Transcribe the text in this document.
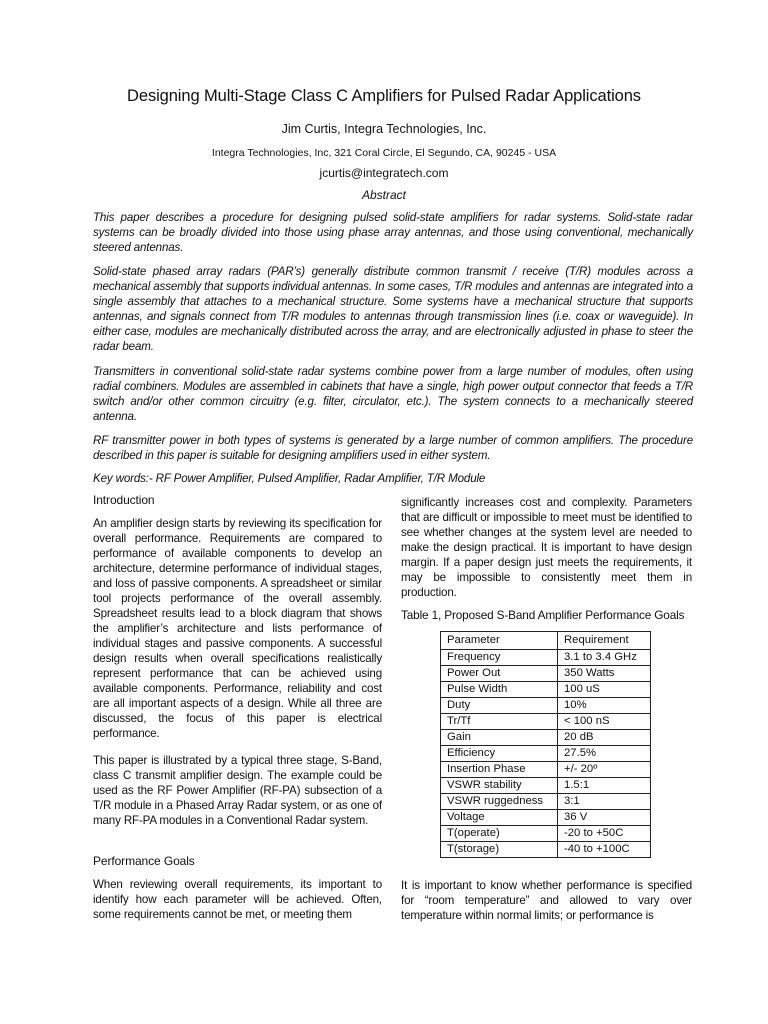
Designing Multi-Stage Class C Amplifiers for Pulsed Radar Applications
Jim Curtis, Integra Technologies, Inc.
Integra Technologies, Inc, 321 Coral Circle, El Segundo, CA, 90245 - USA
jcurtis@integratech.com
Abstract

This paper describes a procedure for designing pulsed solid-state amplifiers for radar systems. Solid-state radar systems can be broadly divided into those using phase array antennas, and those using conventional, mechanically steered antennas.

Solid-state phased array radars (PAR’s) generally distribute common transmit / receive (T/R) modules across a mechanical assembly that supports individual antennas. In some cases, T/R modules and antennas are integrated into a single assembly that attaches to a mechanical structure. Some systems have a mechanical structure that supports antennas, and signals connect from T/R modules to antennas through transmission lines (i.e. coax or waveguide). In either case, modules are mechanically distributed across the array, and are electronically adjusted in phase to steer the radar beam.

Transmitters in conventional solid-state radar systems combine power from a large number of modules, often using radial combiners. Modules are assembled in cabinets that have a single, high power output connector that feeds a T/R switch and/or other common circuitry (e.g. filter, circulator, etc.). The system connects to a mechanically steered antenna.

RF transmitter power in both types of systems is generated by a large number of common amplifiers. The procedure described in this paper is suitable for designing amplifiers used in either system.

Key words:- RF Power Amplifier, Pulsed Amplifier, Radar Amplifier, T/R Module

Introduction

An amplifier design starts by reviewing its specification for overall performance. Requirements are compared to performance of available components to develop an architecture, determine performance of individual stages, and loss of passive components. A spreadsheet or similar tool projects performance of the overall assembly. Spreadsheet results lead to a block diagram that shows the amplifier’s architecture and lists performance of individual stages and passive components. A successful design results when overall specifications realistically represent performance that can be achieved using available components. Performance, reliability and cost are all important aspects of a design. While all three are discussed, the focus of this paper is electrical performance.

This paper is illustrated by a typical three stage, S-Band, class C transmit amplifier design. The example could be used as the RF Power Amplifier (RF-PA) subsection of a T/R module in a Phased Array Radar system, or as one of many RF-PA modules in a Conventional Radar system.

Performance Goals

When reviewing overall requirements, its important to identify how each parameter will be achieved. Often, some requirements cannot be met, or meeting them

significantly increases cost and complexity. Parameters that are difficult or impossible to meet must be identified to see whether changes at the system level are needed to make the design practical. It is important to have design margin. If a paper design just meets the requirements, it may be impossible to consistently meet them in production.

Table 1, Proposed S-Band Amplifier Performance Goals
Parameter	Requirement
Frequency	3.1 to 3.4 GHz
Power Out	350 Watts
Pulse Width	100 uS
Duty	10%
Tr/Tf	< 100 nS
Gain	20 dB
Efficiency	27.5%
Insertion Phase	+/- 20º
VSWR stability	1.5:1
VSWR ruggedness	3:1
Voltage	36 V
T(operate)	-20 to +50C
T(storage)	-40 to +100C

It is important to know whether performance is specified for “room temperature” and allowed to vary over temperature within normal limits; or performance is
